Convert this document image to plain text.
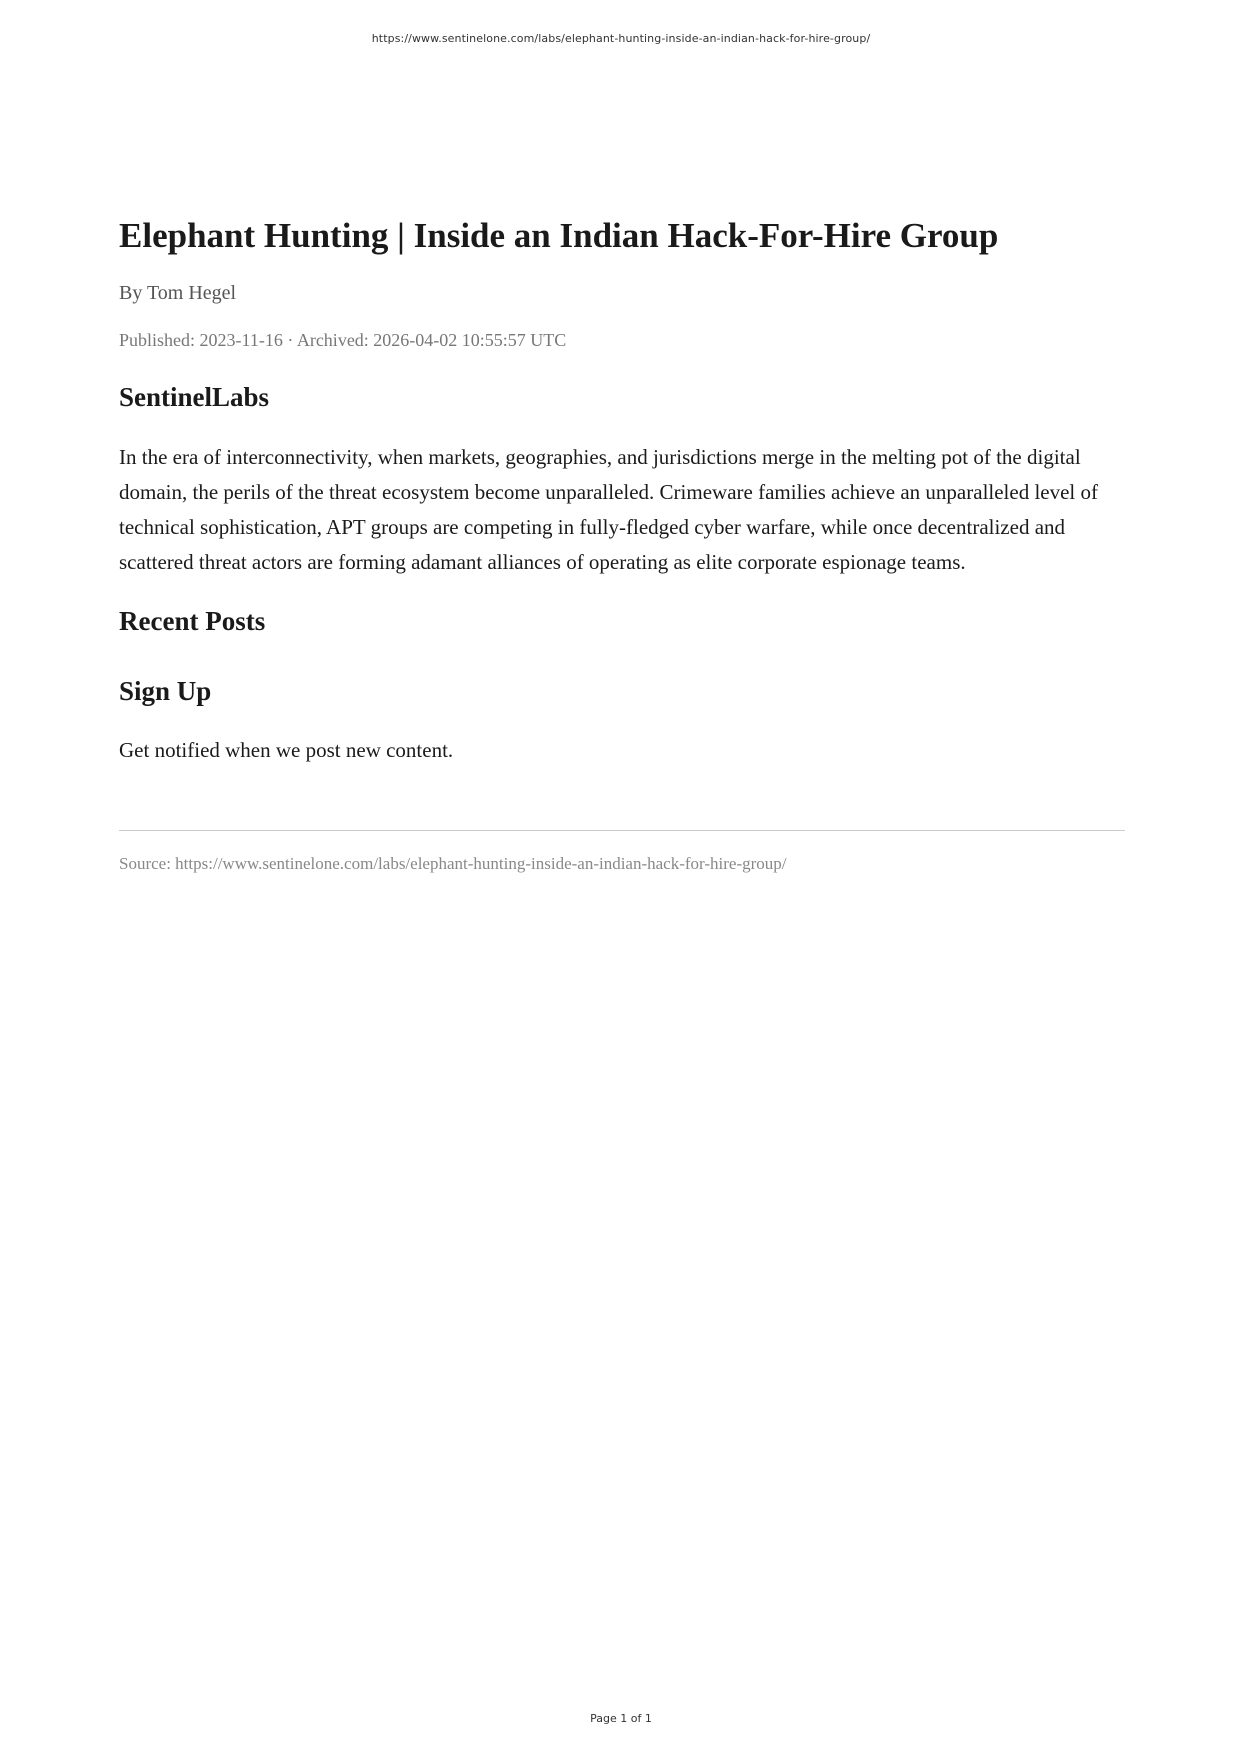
https://www.sentinelone.com/labs/elephant-hunting-inside-an-indian-hack-for-hire-group/
Elephant Hunting | Inside an Indian Hack-For-Hire Group

By Tom Hegel

Published: 2023-11-16 · Archived: 2026-04-02 10:55:57 UTC

SentinelLabs

In the era of interconnectivity, when markets, geographies, and jurisdictions merge in the melting pot of the digital domain, the perils of the threat ecosystem become unparalleled. Crimeware families achieve an unparalleled level of technical sophistication, APT groups are competing in fully-fledged cyber warfare, while once decentralized and scattered threat actors are forming adamant alliances of operating as elite corporate espionage teams.

Recent Posts
Sign Up

Get notified when we post new content.

Source: https://www.sentinelone.com/labs/elephant-hunting-inside-an-indian-hack-for-hire-group/

Page 1 of 1
